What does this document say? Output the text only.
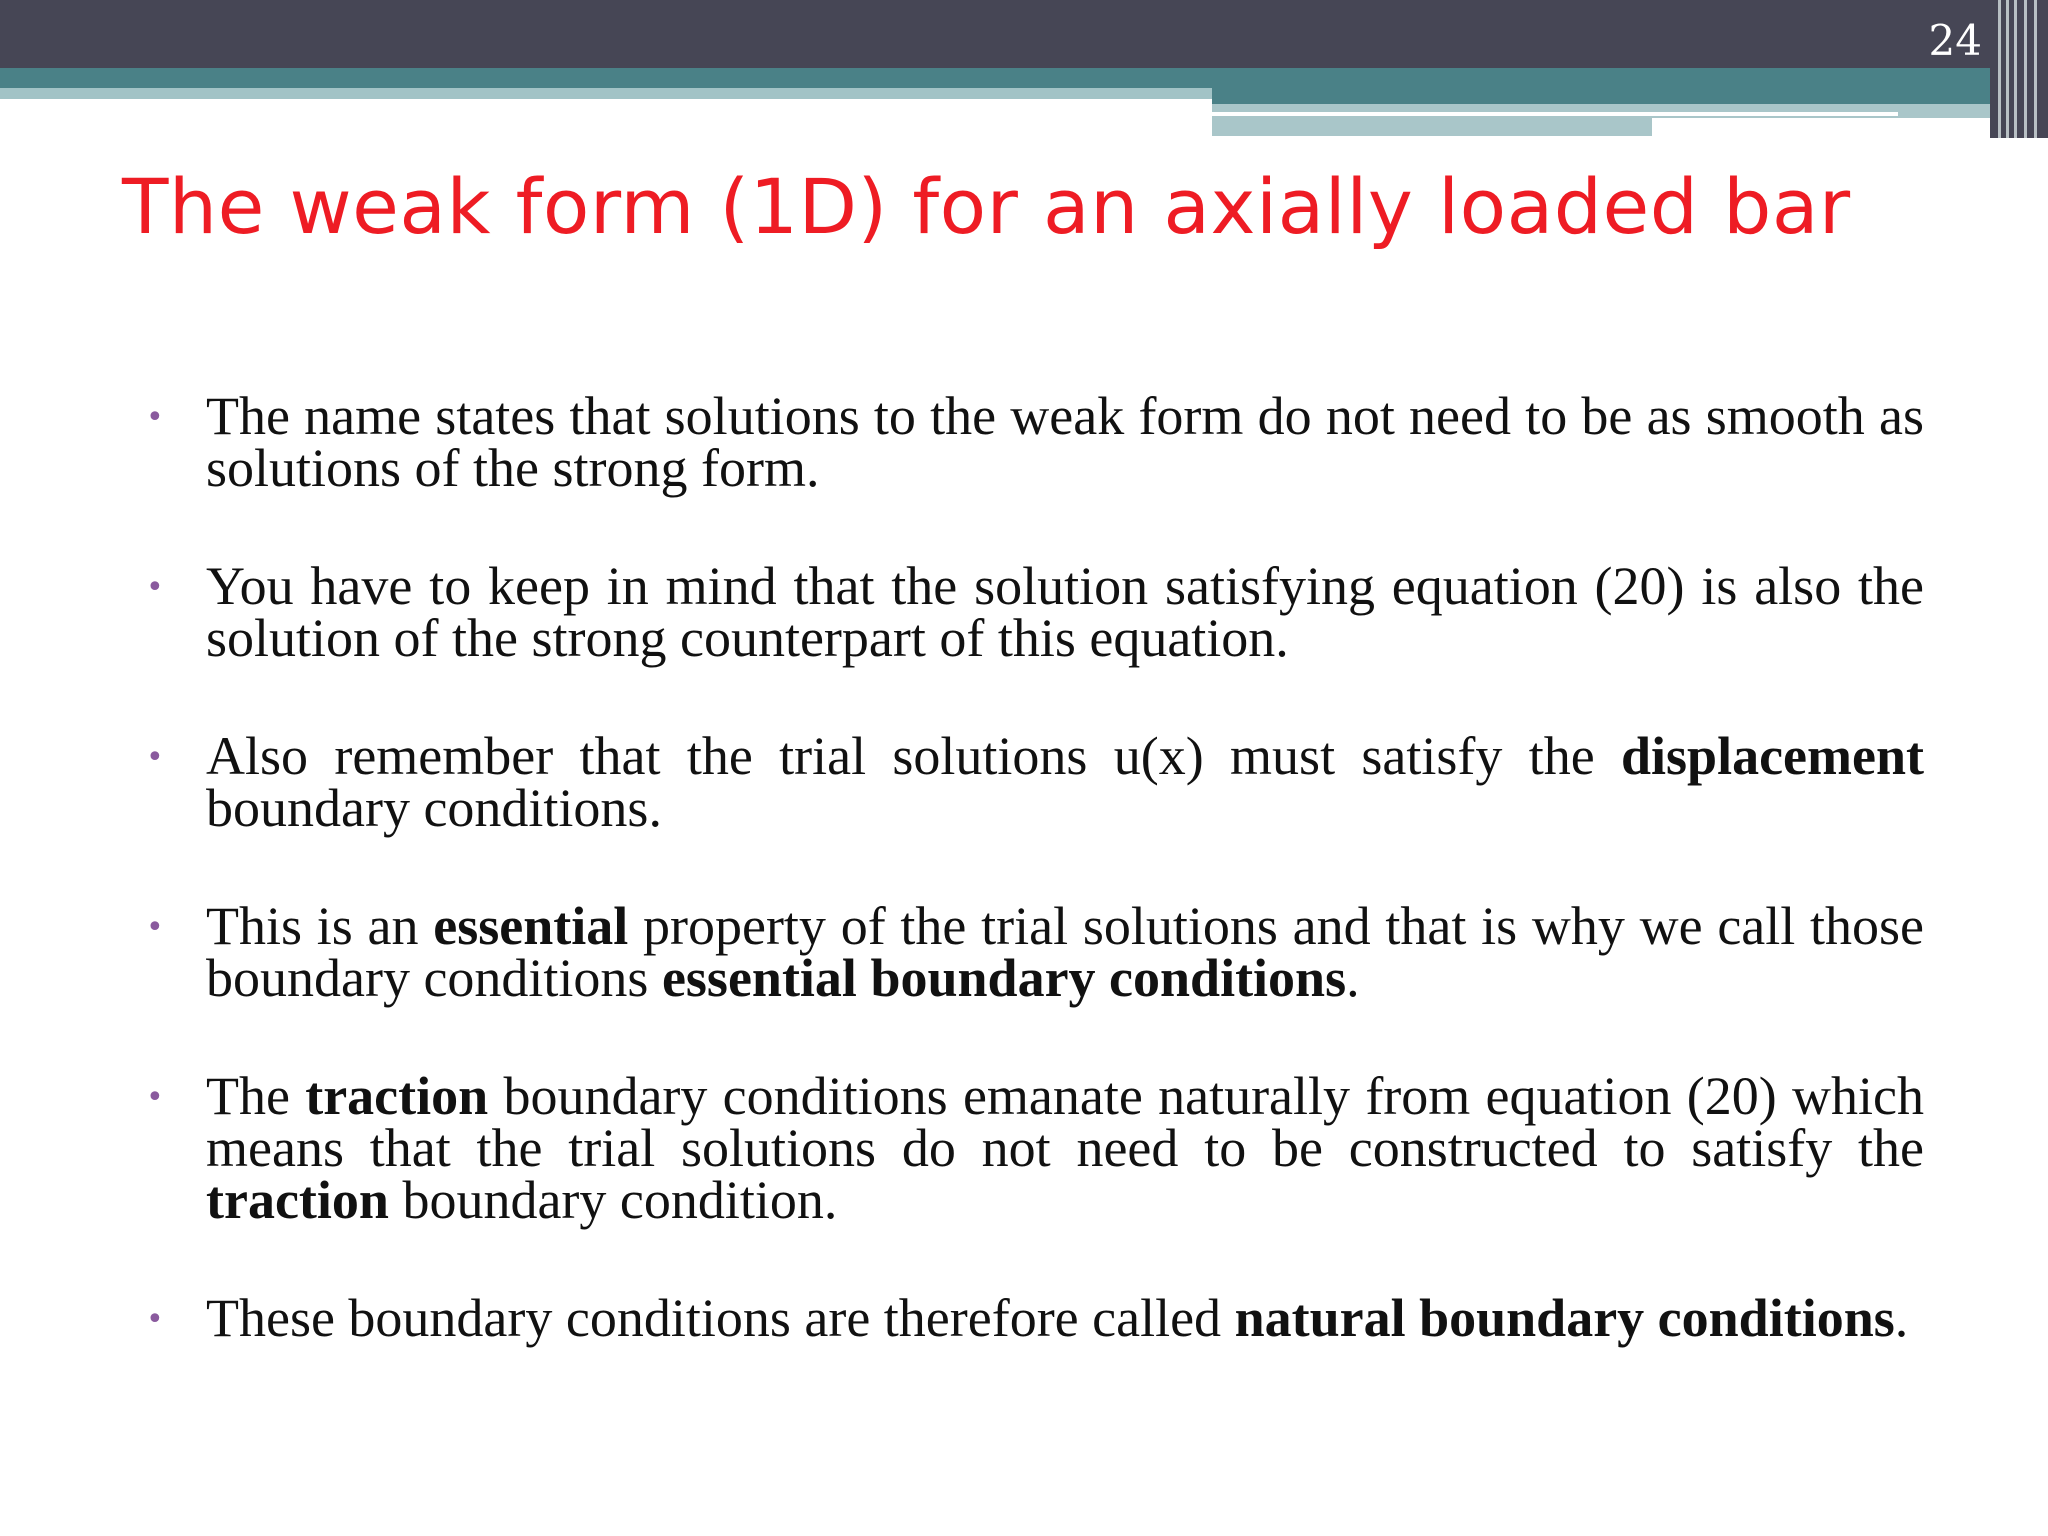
24
The weak form (1D) for an axially loaded bar
• The name states that solutions to the weak form do not need to be as smooth as solutions of the strong form.
• You have to keep in mind that the solution satisfying equation (20) is also the solution of the strong counterpart of this equation.
• Also remember that the trial solutions u(x) must satisfy the displacement boundary conditions.
• This is an essential property of the trial solutions and that is why we call those boundary conditions essential boundary conditions.
• The traction boundary conditions emanate naturally from equation (20) which means that the trial solutions do not need to be constructed to satisfy the traction boundary condition.
• These boundary conditions are therefore called natural boundary conditions.
